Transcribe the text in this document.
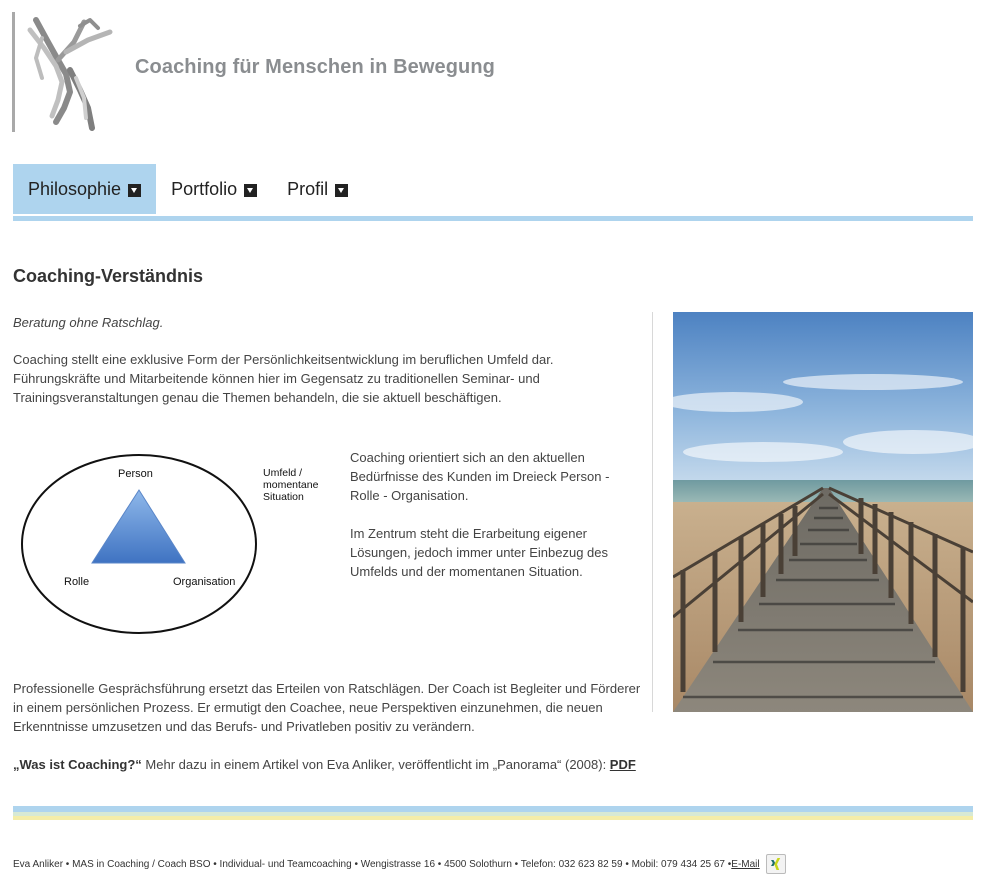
Coaching für Menschen in Bewegung
Philosophie	Portfolio	Profil
Coaching-Verständnis

Beratung ohne Ratschlag.

Coaching stellt eine exklusive Form der Persönlichkeitsentwicklung im beruflichen Umfeld dar. Führungskräfte und Mitarbeitende können hier im Gegensatz zu traditionellen Seminar- und Trainingsveranstaltungen genau die Themen behandeln, die sie aktuell beschäftigen.

Person
Rolle	Organisation
Umfeld /
momentane
Situation

Coaching orientiert sich an den aktuellen Bedürfnisse des Kunden im Dreieck Person - Rolle - Organisation.

Im Zentrum steht die Erarbeitung eigener Lösungen, jedoch immer unter Einbezug des Umfelds und der momentanen Situation.

Professionelle Gesprächsführung ersetzt das Erteilen von Ratschlägen. Der Coach ist Begleiter und Förderer in einem persönlichen Prozess. Er ermutigt den Coachee, neue Perspektiven einzunehmen, die neuen Erkenntnisse umzusetzen und das Berufs- und Privatleben positiv zu verändern.

„Was ist Coaching?“ Mehr dazu in einem Artikel von Eva Anliker, veröffentlicht im „Panorama“ (2008): PDF

Eva Anliker • MAS in Coaching / Coach BSO • Individual- und Teamcoaching • Wengistrasse 16 • 4500 Solothurn • Telefon: 032 623 82 59 • Mobil: 079 434 25 67 • E-Mail
